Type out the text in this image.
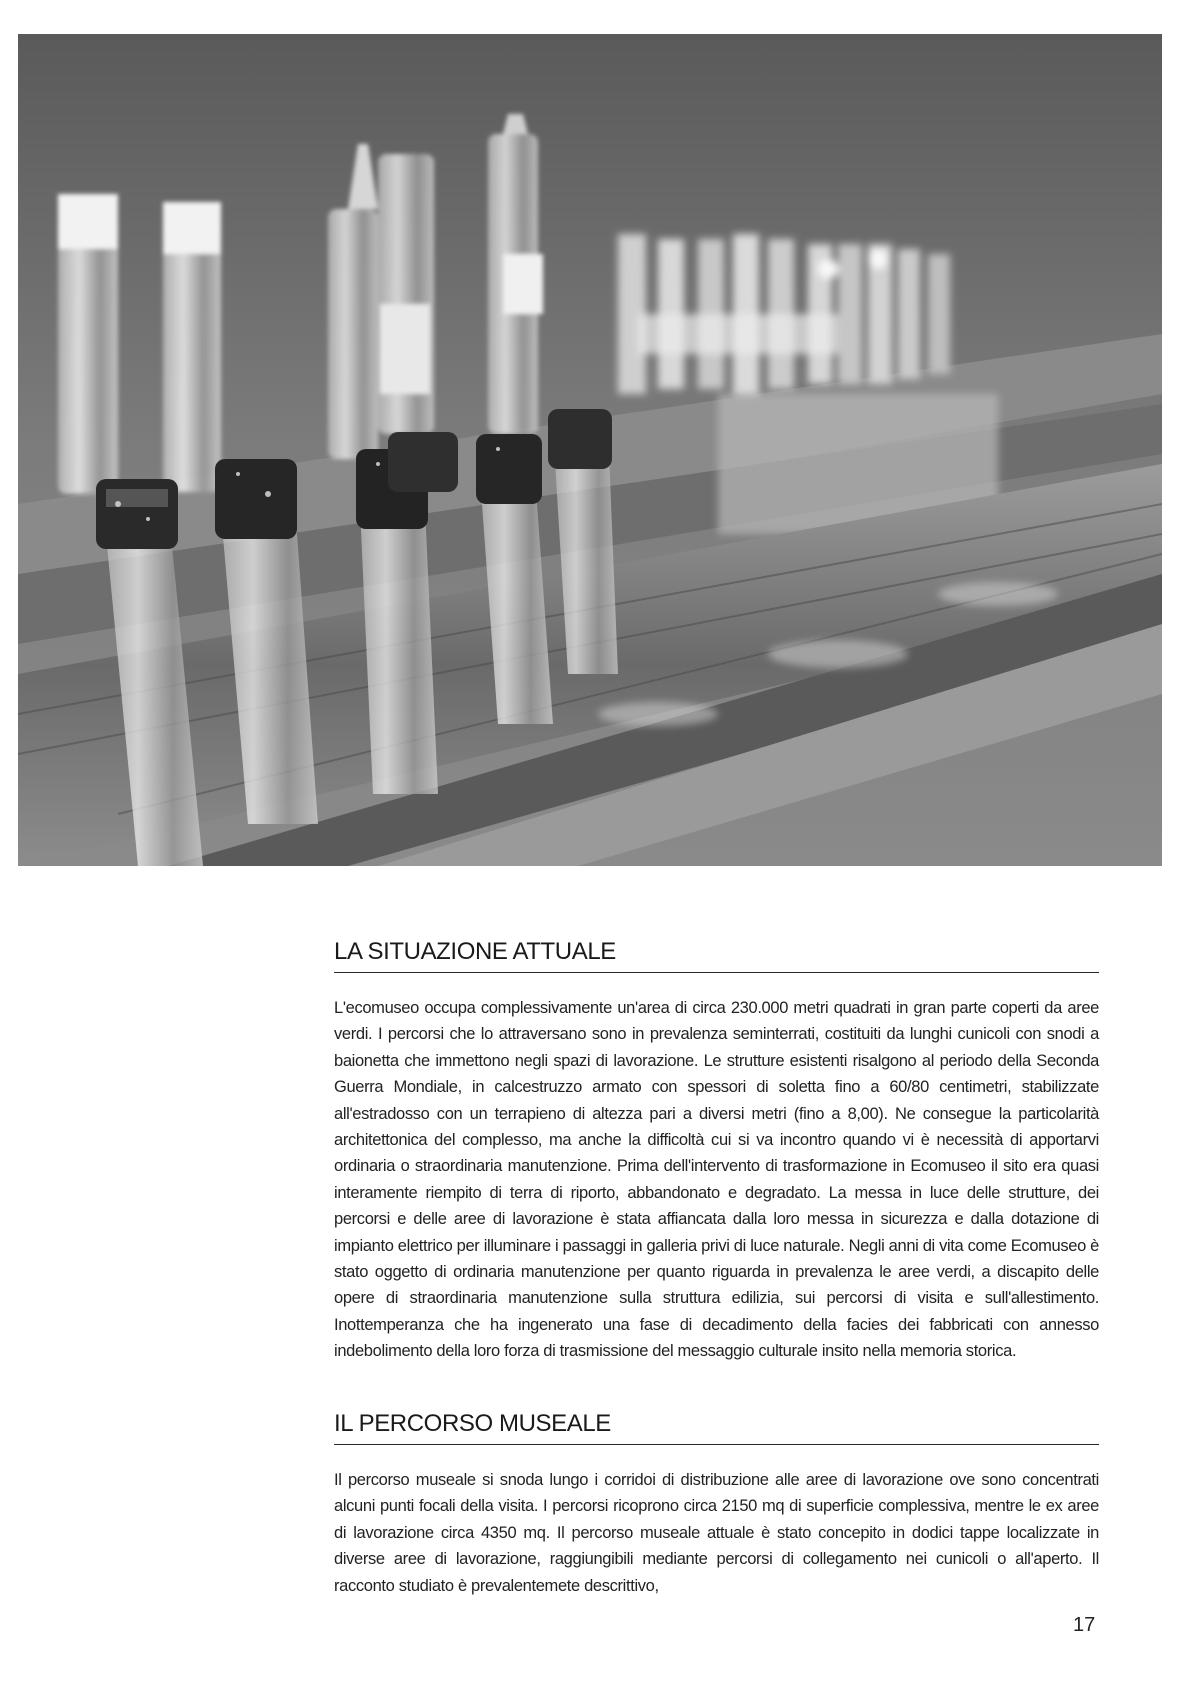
LA SITUAZIONE ATTUALE

L'ecomuseo occupa complessivamente un'area di circa 230.000 metri quadrati in gran parte coperti da aree verdi. I percorsi che lo attraversano sono in prevalenza seminterrati, costituiti da lunghi cunicoli con snodi a baionetta che immettono negli spazi di lavorazione. Le strutture esistenti risalgono al periodo della Seconda Guerra Mondiale, in calcestruzzo armato con spessori di soletta fino a 60/80 centimetri, stabilizzate all'estradosso con un terrapieno di altezza pari a diversi metri (fino a 8,00). Ne consegue la particolarità architettonica del complesso, ma anche la difficoltà cui si va incontro quando vi è necessità di apportarvi ordinaria o straordinaria manutenzione. Prima dell'intervento di trasformazione in Ecomuseo il sito era quasi interamente riempito di terra di riporto, abbandonato e degradato. La messa in luce delle strutture, dei percorsi e delle aree di lavorazione è stata affiancata dalla loro messa in sicurezza e dalla dotazione di impianto elettrico per illuminare i passaggi in galleria privi di luce naturale. Negli anni di vita come Ecomuseo è stato oggetto di ordinaria manutenzione per quanto riguarda in prevalenza le aree verdi, a discapito delle opere di straordinaria manutenzione sulla struttura edilizia, sui percorsi di visita e sull'allestimento. Inottemperanza che ha ingenerato una fase di decadimento della facies dei fabbricati con annesso indebolimento della loro forza di trasmissione del messaggio culturale insito nella memoria storica.

IL PERCORSO MUSEALE

Il percorso museale si snoda lungo i corridoi di distribuzione alle aree di lavorazione ove sono concentrati alcuni punti focali della visita. I percorsi ricoprono circa 2150 mq di superficie complessiva, mentre le ex aree di lavorazione circa 4350 mq. Il percorso museale attuale è stato concepito in dodici tappe localizzate in diverse aree di lavorazione, raggiungibili mediante percorsi di collegamento nei cunicoli o all'aperto. Il racconto studiato è prevalentemete descrittivo,

17
